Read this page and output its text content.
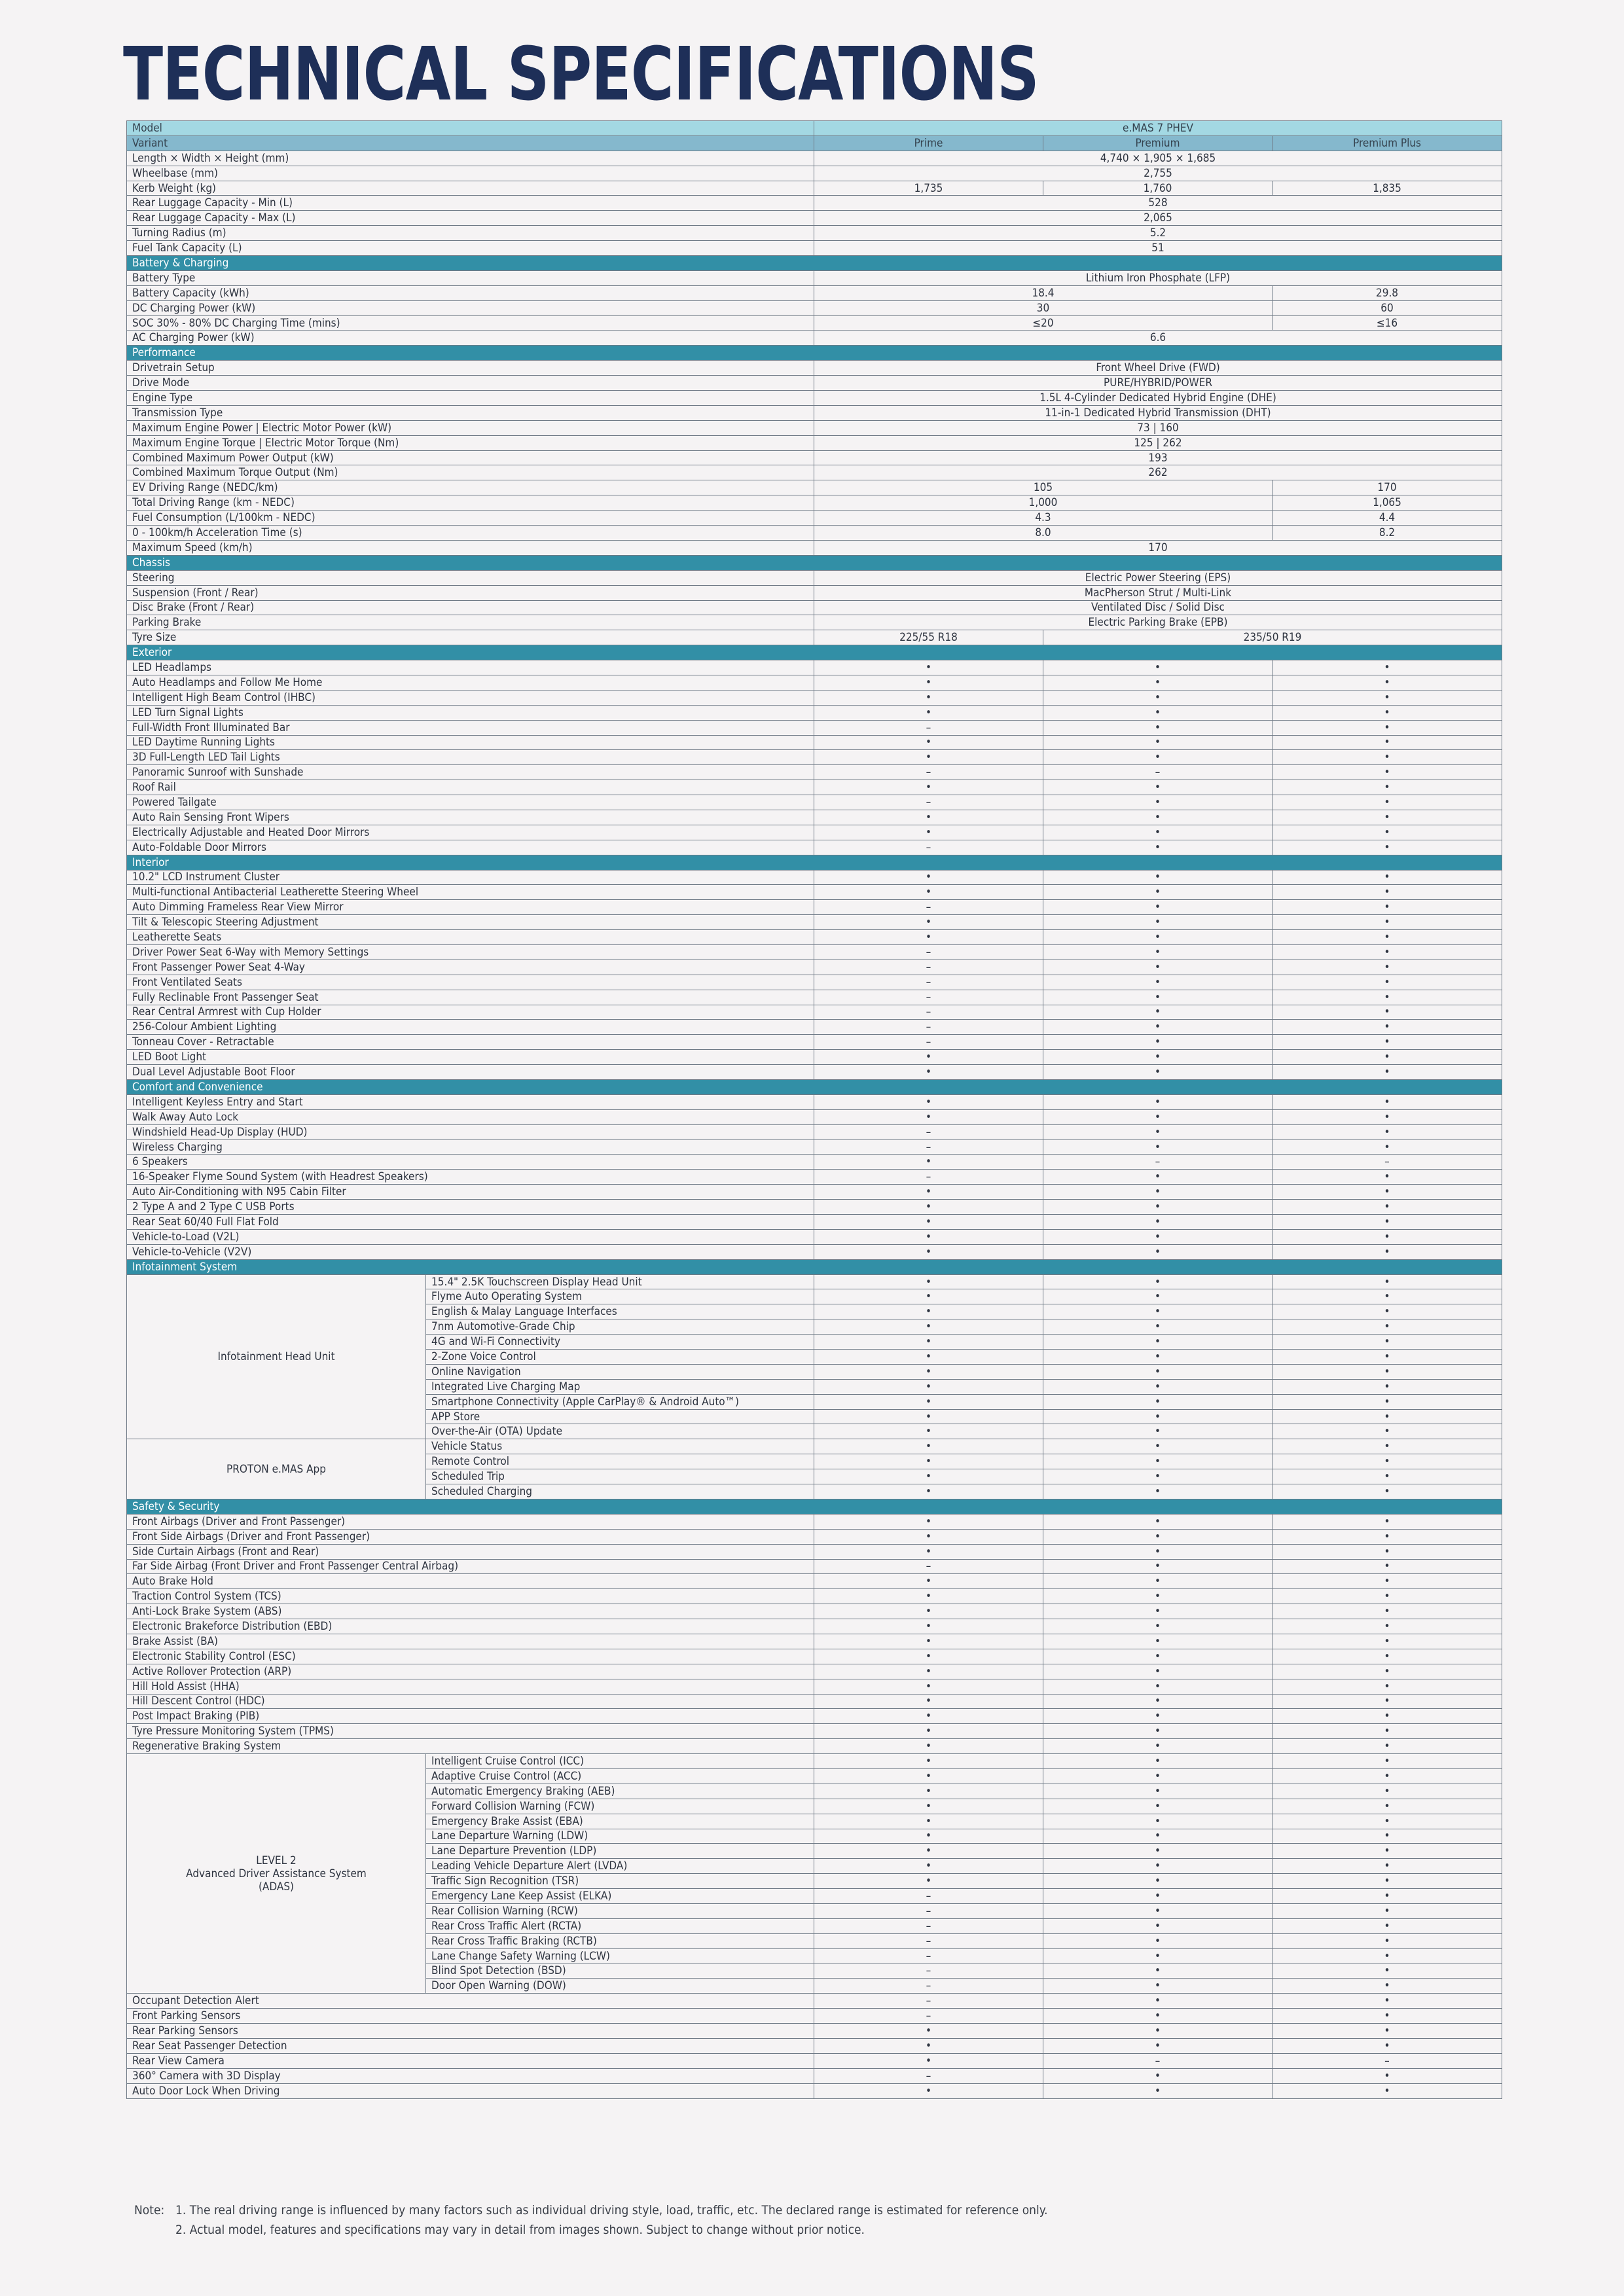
TECHNICAL SPECIFICATIONS
Model		e.MAS 7 PHEV		
Variant		Prime	Premium	Premium Plus
Length × Width × Height (mm)		4,740 × 1,905 × 1,685		
Wheelbase (mm)		2,755		
Kerb Weight (kg)		1,735	1,760	1,835
Rear Luggage Capacity - Min (L)		528		
Rear Luggage Capacity - Max (L)		2,065		
Turning Radius (m)		5.2		
Fuel Tank Capacity (L)		51		
Battery & Charging				
Battery Type		Lithium Iron Phosphate (LFP)		
Battery Capacity (kWh)		18.4		29.8
DC Charging Power (kW)		30		60
SOC 30% - 80% DC Charging Time (mins)		≤20		≤16
AC Charging Power (kW)		6.6		
Performance				
Drivetrain Setup		Front Wheel Drive (FWD)		
Drive Mode		PURE/HYBRID/POWER		
Engine Type		1.5L 4-Cylinder Dedicated Hybrid Engine (DHE)		
Transmission Type		11-in-1 Dedicated Hybrid Transmission (DHT)		
Maximum Engine Power | Electric Motor Power (kW)		73 | 160		
Maximum Engine Torque | Electric Motor Torque (Nm)		125 | 262		
Combined Maximum Power Output (kW)		193		
Combined Maximum Torque Output (Nm)		262		
EV Driving Range (NEDC/km)		105		170
Total Driving Range (km - NEDC)		1,000		1,065
Fuel Consumption (L/100km - NEDC)		4.3		4.4
0 - 100km/h Acceleration Time (s)		8.0		8.2
Maximum Speed (km/h)		170		
Chassis				
Steering		Electric Power Steering (EPS)		
Suspension (Front / Rear)		MacPherson Strut / Multi-Link		
Disc Brake (Front / Rear)		Ventilated Disc / Solid Disc		
Parking Brake		Electric Parking Brake (EPB)		
Tyre Size		225/55 R18	235/50 R19	
Exterior				
LED Headlamps		•	•	•
Auto Headlamps and Follow Me Home		•	•	•
Intelligent High Beam Control (IHBC)		•	•	•
LED Turn Signal Lights		•	•	•
Full-Width Front Illuminated Bar		–	•	•
LED Daytime Running Lights		•	•	•
3D Full-Length LED Tail Lights		•	•	•
Panoramic Sunroof with Sunshade		–	–	•
Roof Rail		•	•	•
Powered Tailgate		–	•	•
Auto Rain Sensing Front Wipers		•	•	•
Electrically Adjustable and Heated Door Mirrors		•	•	•
Auto-Foldable Door Mirrors		–	•	•
Interior				
10.2" LCD Instrument Cluster		•	•	•
Multi-functional Antibacterial Leatherette Steering Wheel		•	•	•
Auto Dimming Frameless Rear View Mirror		–	•	•
Tilt & Telescopic Steering Adjustment		•	•	•
Leatherette Seats		•	•	•
Driver Power Seat 6-Way with Memory Settings		–	•	•
Front Passenger Power Seat 4-Way		–	•	•
Front Ventilated Seats		–	•	•
Fully Reclinable Front Passenger Seat		–	•	•
Rear Central Armrest with Cup Holder		–	•	•
256-Colour Ambient Lighting		–	•	•
Tonneau Cover - Retractable		–	•	•
LED Boot Light		•	•	•
Dual Level Adjustable Boot Floor		•	•	•
Comfort and Convenience				
Intelligent Keyless Entry and Start		•	•	•
Walk Away Auto Lock		•	•	•
Windshield Head-Up Display (HUD)		–	•	•
Wireless Charging		–	•	•
6 Speakers		•	–	–
16-Speaker Flyme Sound System (with Headrest Speakers)		–	•	•
Auto Air-Conditioning with N95 Cabin Filter		•	•	•
2 Type A and 2 Type C USB Ports		•	•	•
Rear Seat 60/40 Full Flat Fold		•	•	•
Vehicle-to-Load (V2L)		•	•	•
Vehicle-to-Vehicle (V2V)		•	•	•
Infotainment System				
Infotainment Head Unit	15.4" 2.5K Touchscreen Display Head Unit	•	•	•
	Flyme Auto Operating System	•	•	•
	English & Malay Language Interfaces	•	•	•
	7nm Automotive-Grade Chip	•	•	•
	4G and Wi-Fi Connectivity	•	•	•
	2-Zone Voice Control	•	•	•
	Online Navigation	•	•	•
	Integrated Live Charging Map	•	•	•
	Smartphone Connectivity (Apple CarPlay® & Android Auto™)	•	•	•
	APP Store	•	•	•
	Over-the-Air (OTA) Update	•	•	•
PROTON e.MAS App	Vehicle Status	•	•	•
	Remote Control	•	•	•
	Scheduled Trip	•	•	•
	Scheduled Charging	•	•	•
Safety & Security				
Front Airbags (Driver and Front Passenger)		•	•	•
Front Side Airbags (Driver and Front Passenger)		•	•	•
Side Curtain Airbags (Front and Rear)		•	•	•
Far Side Airbag (Front Driver and Front Passenger Central Airbag)		–	•	•
Auto Brake Hold		•	•	•
Traction Control System (TCS)		•	•	•
Anti-Lock Brake System (ABS)		•	•	•
Electronic Brakeforce Distribution (EBD)		•	•	•
Brake Assist (BA)		•	•	•
Electronic Stability Control (ESC)		•	•	•
Active Rollover Protection (ARP)		•	•	•
Hill Hold Assist (HHA)		•	•	•
Hill Descent Control (HDC)		•	•	•
Post Impact Braking (PIB)		•	•	•
Tyre Pressure Monitoring System (TPMS)		•	•	•
Regenerative Braking System		•	•	•
LEVEL 2
Advanced Driver Assistance System
(ADAS)	Intelligent Cruise Control (ICC)	•	•	•
	Adaptive Cruise Control (ACC)	•	•	•
	Automatic Emergency Braking (AEB)	•	•	•
	Forward Collision Warning (FCW)	•	•	•
	Emergency Brake Assist (EBA)	•	•	•
	Lane Departure Warning (LDW)	•	•	•
	Lane Departure Prevention (LDP)	•	•	•
	Leading Vehicle Departure Alert (LVDA)	•	•	•
	Traffic Sign Recognition (TSR)	•	•	•
	Emergency Lane Keep Assist (ELKA)	–	•	•
	Rear Collision Warning (RCW)	–	•	•
	Rear Cross Traffic Alert (RCTA)	–	•	•
	Rear Cross Traffic Braking (RCTB)	–	•	•
	Lane Change Safety Warning (LCW)	–	•	•
	Blind Spot Detection (BSD)	–	•	•
	Door Open Warning (DOW)	–	•	•
Occupant Detection Alert		–	•	•
Front Parking Sensors		–	•	•
Rear Parking Sensors		•	•	•
Rear Seat Passenger Detection		•	•	•
Rear View Camera		•	–	–
360° Camera with 3D Display		–	•	•
Auto Door Lock When Driving		•	•	•
Note: 1. The real driving range is influenced by many factors such as individual driving style, load, traffic, etc. The declared range is estimated for reference only.
2. Actual model, features and specifications may vary in detail from images shown. Subject to change without prior notice.
